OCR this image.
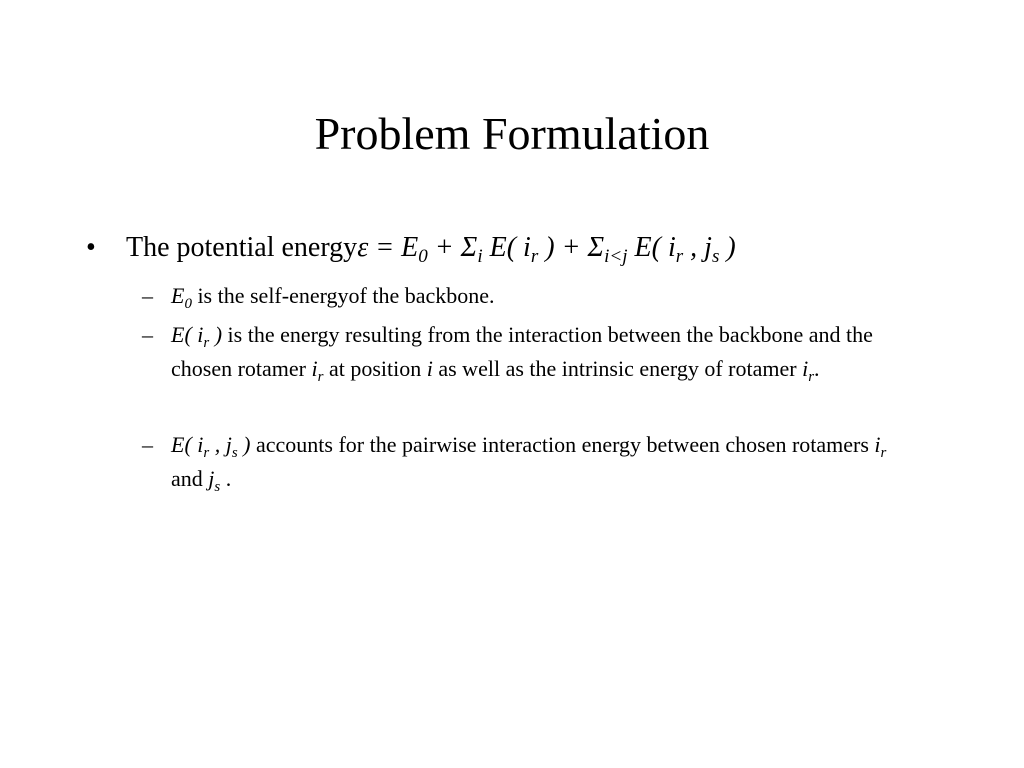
Problem Formulation
• The potential energyε = $E_0 + \Sigma_i$ E( $i_r$ ) + $\Sigma_{i<j}$ E( $i_r$ , $j_s$ )
– $E_0$ is the self-energyof the backbone.
– E( $i_r$ ) is the energy resulting from the interaction between the backbone and the chosen rotamer $i_r$ at position i as well as the intrinsic energy of rotamer $i_r$.
– E( $i_r$ , $j_s$ ) accounts for the pairwise interaction energy between chosen rotamers $i_r$ and $j_s$ .
